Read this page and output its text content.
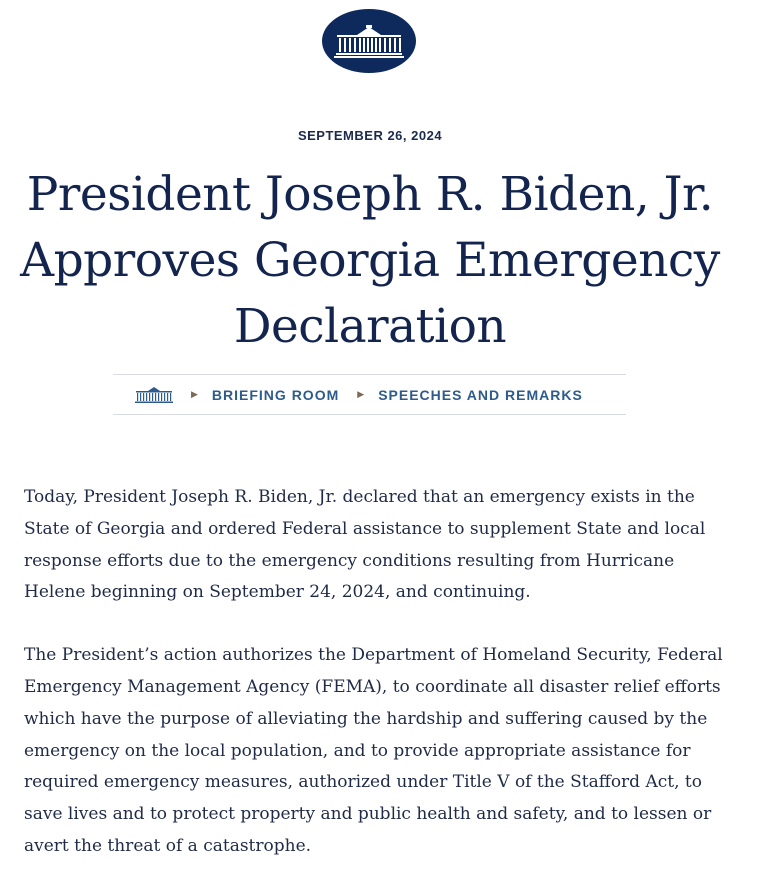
SEPTEMBER 26, 2024
President Joseph R. Biden, Jr. Approves Georgia Emergency Declaration
▶ BRIEFING ROOM ▶ SPEECHES AND REMARKS

Today, President Joseph R. Biden, Jr. declared that an emergency exists in the State of Georgia and ordered Federal assistance to supplement State and local response efforts due to the emergency conditions resulting from Hurricane Helene beginning on September 24, 2024, and continuing.

The President’s action authorizes the Department of Homeland Security, Federal Emergency Management Agency (FEMA), to coordinate all disaster relief efforts which have the purpose of alleviating the hardship and suffering caused by the emergency on the local population, and to provide appropriate assistance for required emergency measures, authorized under Title V of the Stafford Act, to save lives and to protect property and public health and safety, and to lessen or avert the threat of a catastrophe.
